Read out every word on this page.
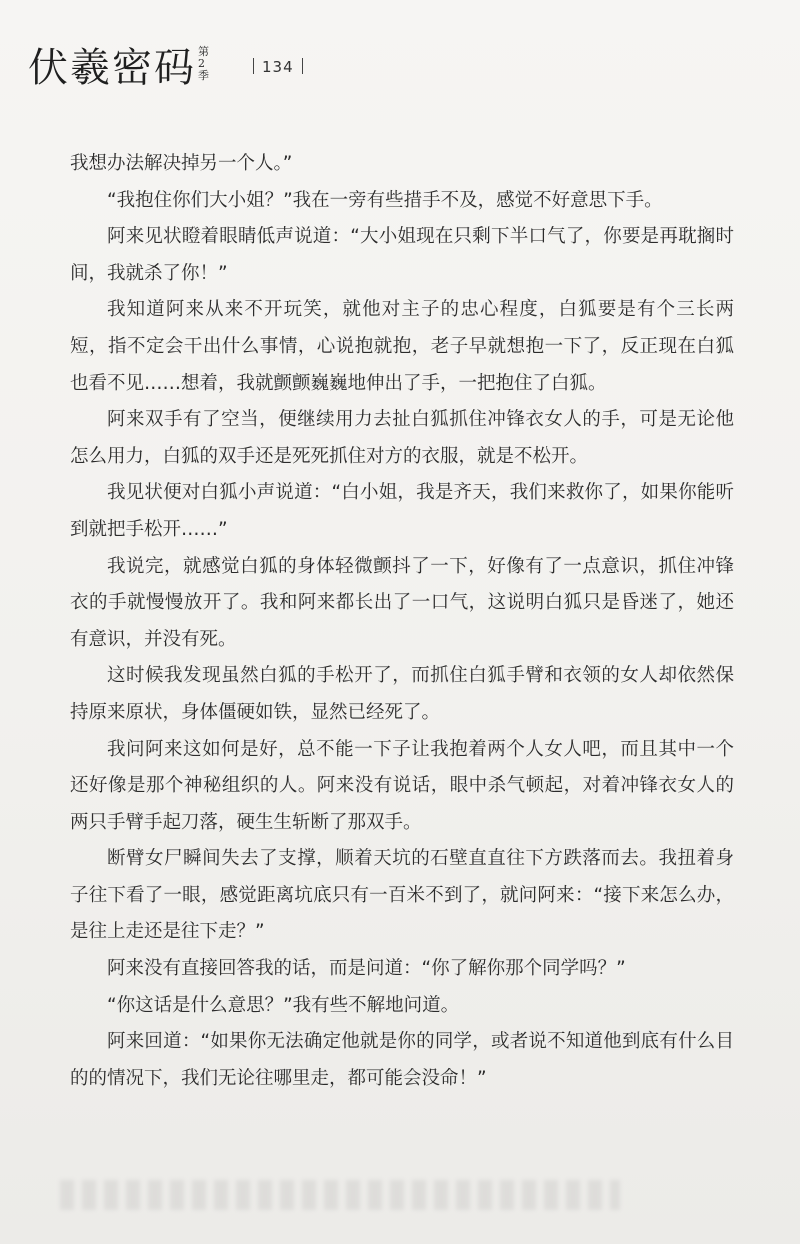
伏羲密码 第
2
季	134

我想办法解决掉另一个人。”

“我抱住你们大小姐？”我在一旁有些措手不及，感觉不好意思下手。

阿来见状瞪着眼睛低声说道：“大小姐现在只剩下半口气了，你要是再耽搁时间，我就杀了你！”

我知道阿来从来不开玩笑，就他对主子的忠心程度，白狐要是有个三长两短，指不定会干出什么事情，心说抱就抱，老子早就想抱一下了，反正现在白狐也看不见……想着，我就颤颤巍巍地伸出了手，一把抱住了白狐。

阿来双手有了空当，便继续用力去扯白狐抓住冲锋衣女人的手，可是无论他怎么用力，白狐的双手还是死死抓住对方的衣服，就是不松开。

我见状便对白狐小声说道：“白小姐，我是齐天，我们来救你了，如果你能听到就把手松开……”

我说完，就感觉白狐的身体轻微颤抖了一下，好像有了一点意识，抓住冲锋衣的手就慢慢放开了。我和阿来都长出了一口气，这说明白狐只是昏迷了，她还有意识，并没有死。

这时候我发现虽然白狐的手松开了，而抓住白狐手臂和衣领的女人却依然保持原来原状，身体僵硬如铁，显然已经死了。

我问阿来这如何是好，总不能一下子让我抱着两个人女人吧，而且其中一个还好像是那个神秘组织的人。阿来没有说话，眼中杀气顿起，对着冲锋衣女人的两只手臂手起刀落，硬生生斩断了那双手。

断臂女尸瞬间失去了支撑，顺着天坑的石壁直直往下方跌落而去。我扭着身子往下看了一眼，感觉距离坑底只有一百米不到了，就问阿来：“接下来怎么办，是往上走还是往下走？”

阿来没有直接回答我的话，而是问道：“你了解你那个同学吗？”

“你这话是什么意思？”我有些不解地问道。

阿来回道：“如果你无法确定他就是你的同学，或者说不知道他到底有什么目的的情况下，我们无论往哪里走，都可能会没命！”
